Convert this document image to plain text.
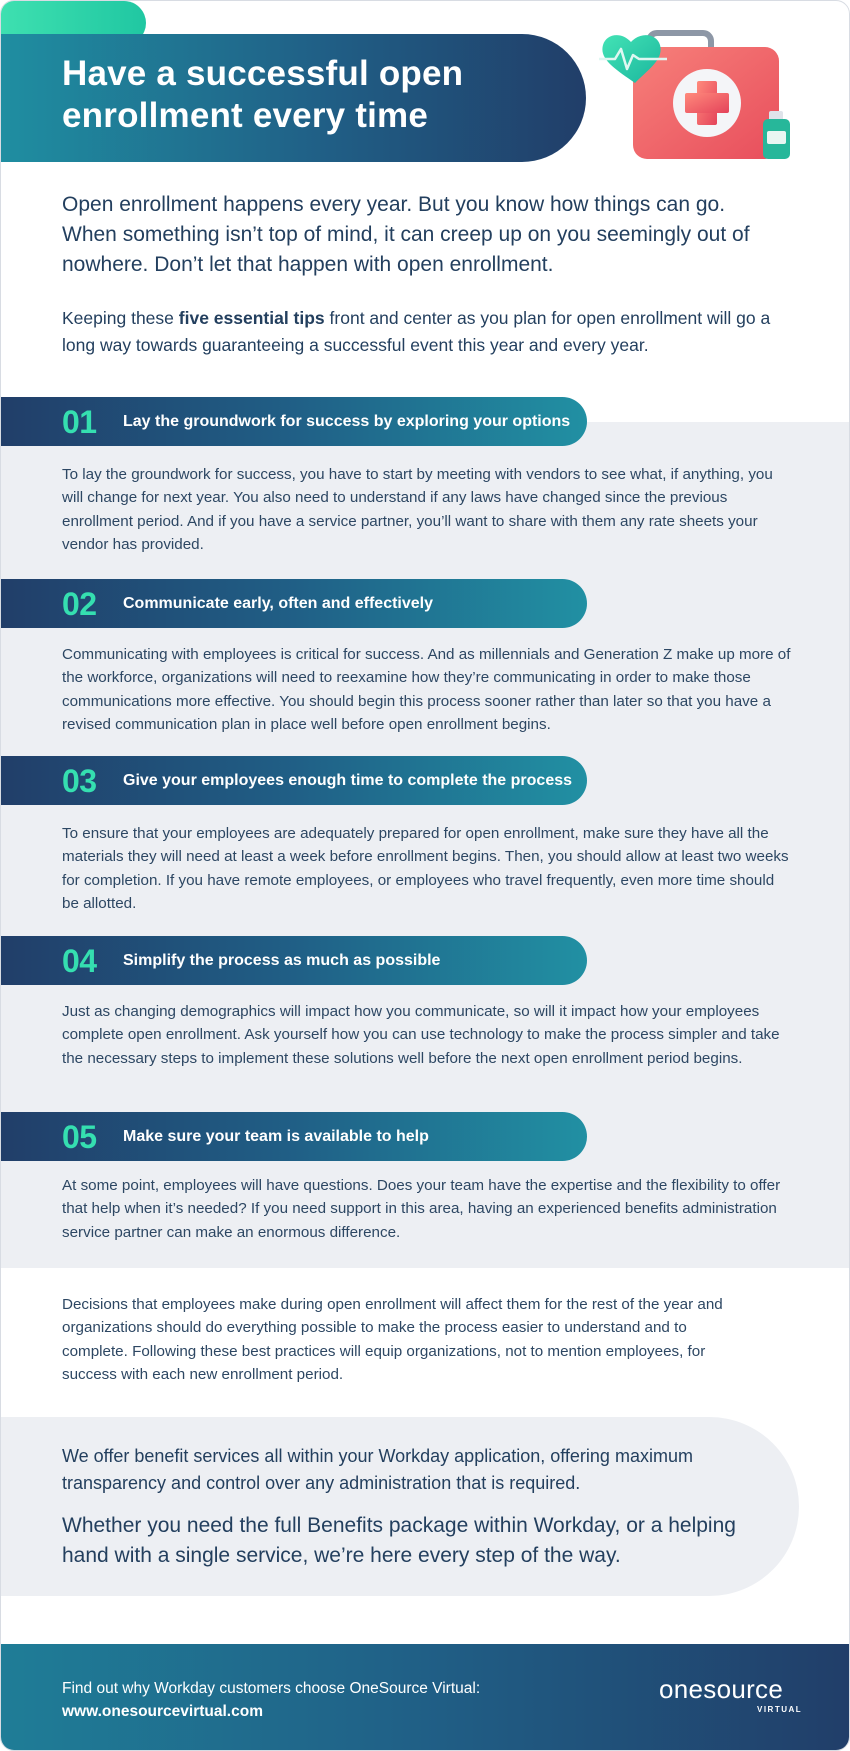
Have a successful open
enrollment every time

Open enrollment happens every year. But you know how things can go. When something isn’t top of mind, it can creep up on you seemingly out of nowhere. Don’t let that happen with open enrollment.

Keeping these five essential tips front and center as you plan for open enrollment will go a long way towards guaranteeing a successful event this year and every year.

01 Lay the groundwork for success by exploring your options

To lay the groundwork for success, you have to start by meeting with vendors to see what, if anything, you will change for next year. You also need to understand if any laws have changed since the previous enrollment period. And if you have a service partner, you’ll want to share with them any rate sheets your vendor has provided.

02 Communicate early, often and effectively

Communicating with employees is critical for success. And as millennials and Generation Z make up more of the workforce, organizations will need to reexamine how they’re communicating in order to make those communications more effective. You should begin this process sooner rather than later so that you have a revised communication plan in place well before open enrollment begins.

03 Give your employees enough time to complete the process

To ensure that your employees are adequately prepared for open enrollment, make sure they have all the materials they will need at least a week before enrollment begins. Then, you should allow at least two weeks for completion. If you have remote employees, or employees who travel frequently, even more time should be allotted.

04 Simplify the process as much as possible

Just as changing demographics will impact how you communicate, so will it impact how your employees complete open enrollment. Ask yourself how you can use technology to make the process simpler and take the necessary steps to implement these solutions well before the next open enrollment period begins.

05 Make sure your team is available to help

At some point, employees will have questions. Does your team have the expertise and the flexibility to offer that help when it’s needed? If you need support in this area, having an experienced benefits administration service partner can make an enormous difference.

Decisions that employees make during open enrollment will affect them for the rest of the year and organizations should do everything possible to make the process easier to understand and to complete. Following these best practices will equip organizations, not to mention employees, for success with each new enrollment period.

We offer benefit services all within your Workday application, offering maximum transparency and control over any administration that is required.

Whether you need the full Benefits package within Workday, or a helping hand with a single service, we’re here every step of the way.

Find out why Workday customers choose OneSource Virtual:
www.onesourcevirtual.com
onesource
VIRTUAL
